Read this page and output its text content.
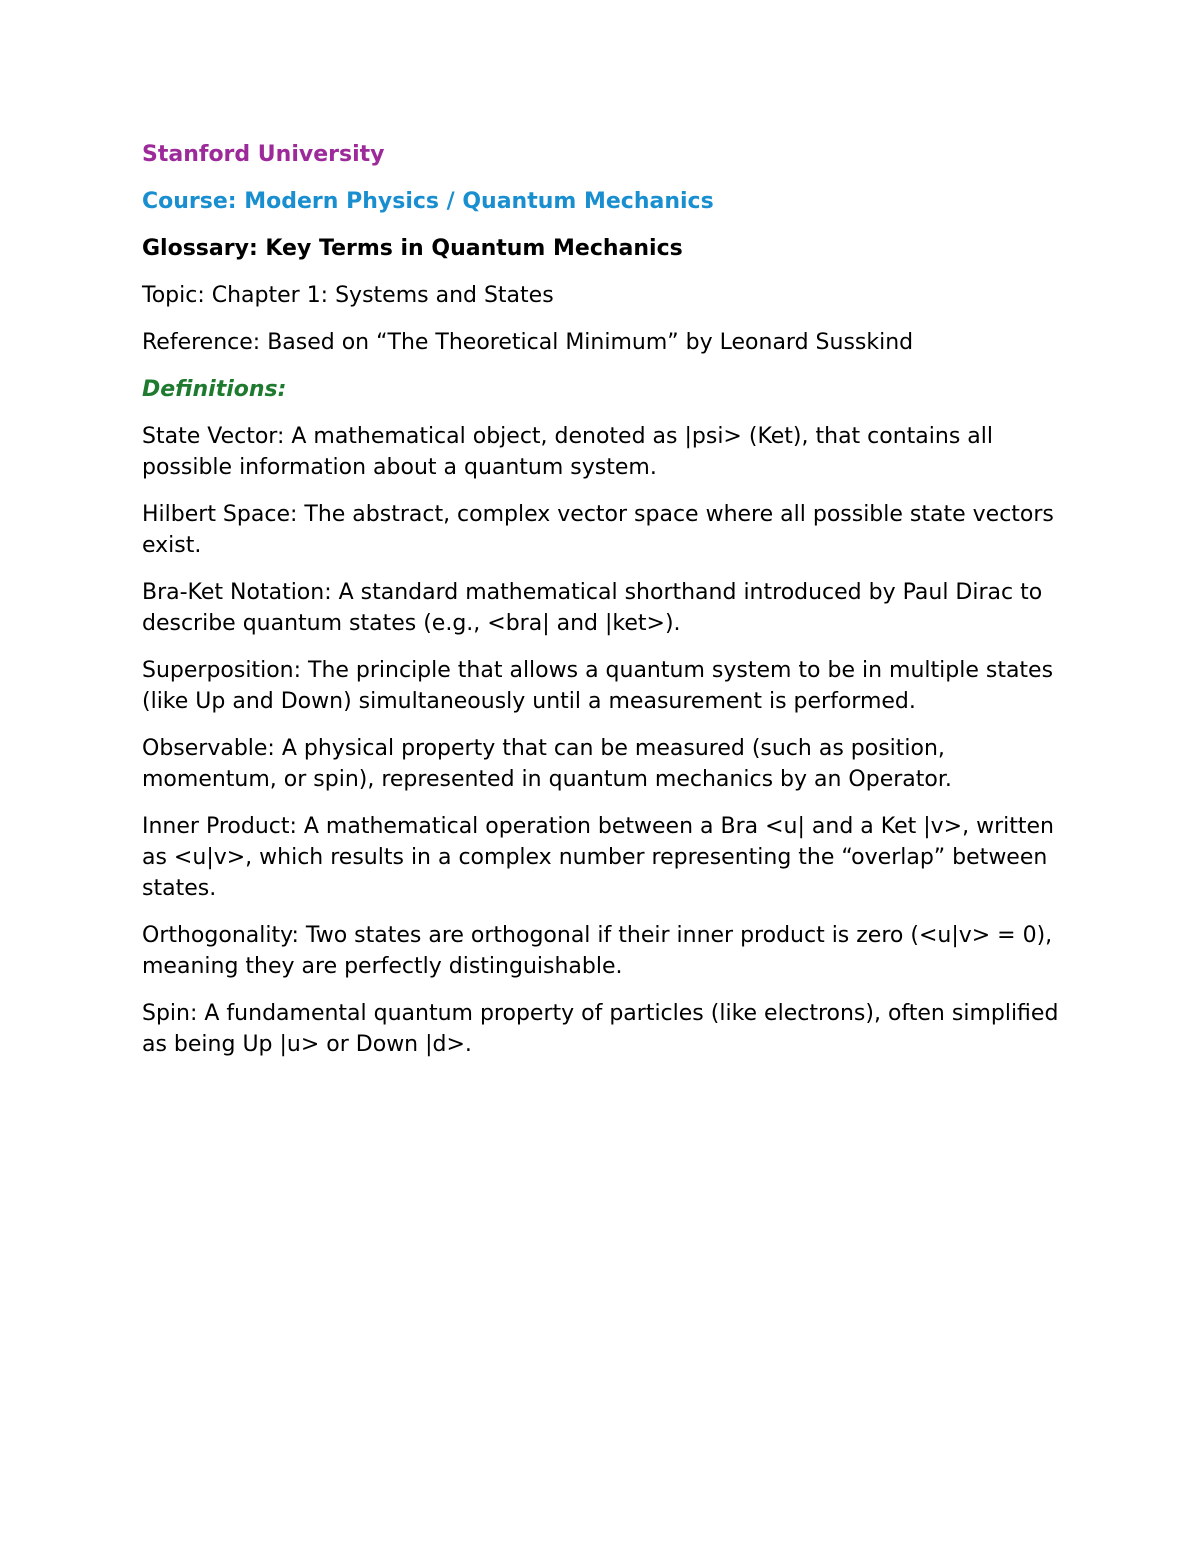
Stanford University

Course: Modern Physics / Quantum Mechanics

Glossary: Key Terms in Quantum Mechanics

Topic: Chapter 1: Systems and States

Reference: Based on “The Theoretical Minimum” by Leonard Susskind

Definitions:

State Vector: A mathematical object, denoted as |psi> (Ket), that contains all possible information about a quantum system.

Hilbert Space: The abstract, complex vector space where all possible state vectors exist.

Bra-Ket Notation: A standard mathematical shorthand introduced by Paul Dirac to describe quantum states (e.g., <bra| and |ket>).

Superposition: The principle that allows a quantum system to be in multiple states (like Up and Down) simultaneously until a measurement is performed.

Observable: A physical property that can be measured (such as position, momentum, or spin), represented in quantum mechanics by an Operator.

Inner Product: A mathematical operation between a Bra <u| and a Ket |v>, written as <u|v>, which results in a complex number representing the “overlap” between states.

Orthogonality: Two states are orthogonal if their inner product is zero (<u|v> = 0), meaning they are perfectly distinguishable.

Spin: A fundamental quantum property of particles (like electrons), often simplified as being Up |u> or Down |d>.
